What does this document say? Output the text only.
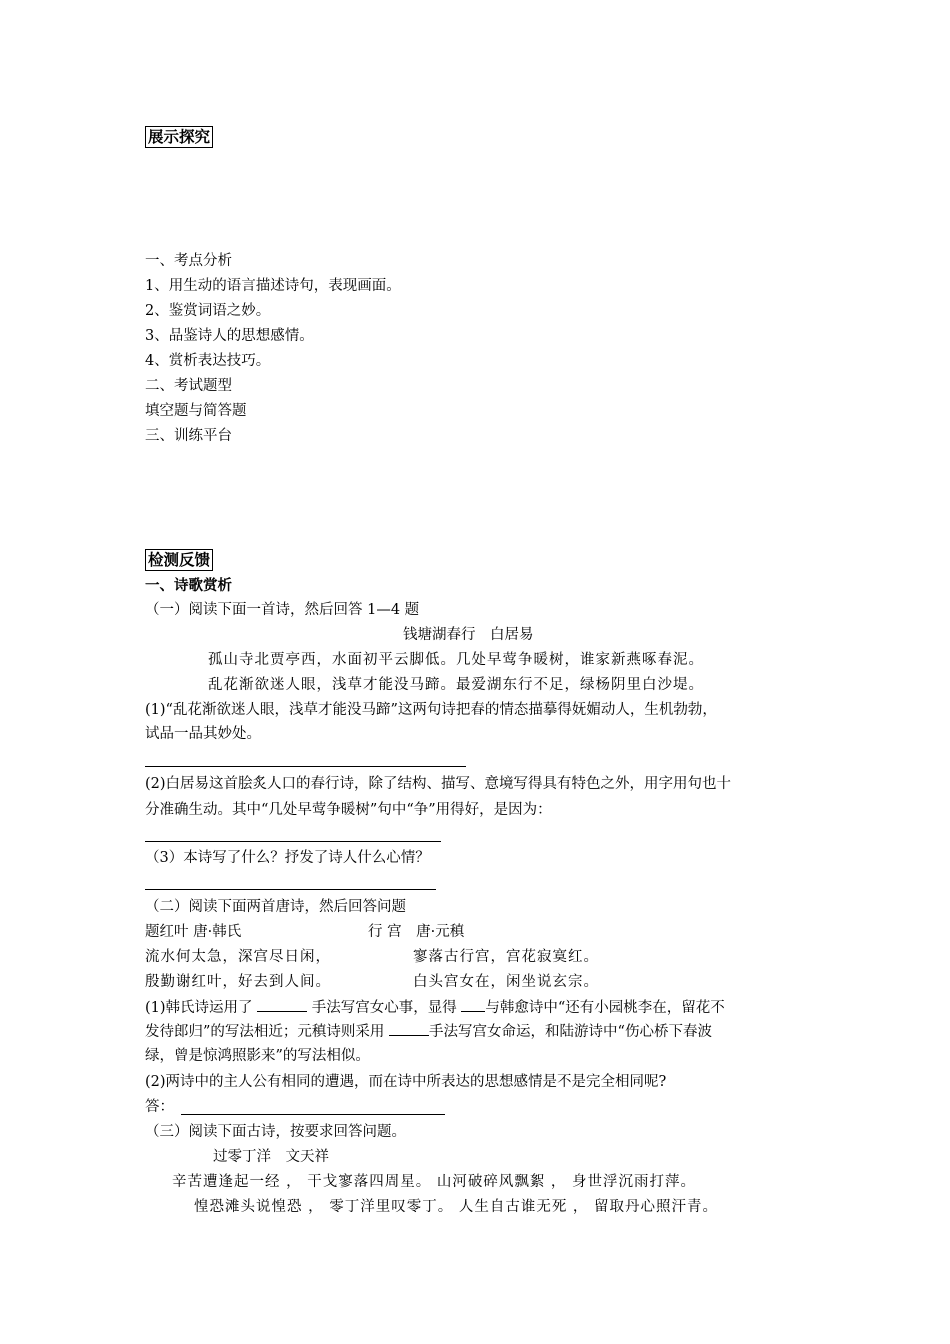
展示探究
一、考点分析
1、用生动的语言描述诗句，表现画面。
2、鉴赏词语之妙。
3、品鉴诗人的思想感情。
4、赏析表达技巧。
二、考试题型
填空题与简答题
三、训练平台
检测反馈
一、诗歌赏析
（一）阅读下面一首诗，然后回答 1—4 题
钱塘湖春行　白居易
孤山寺北贾亭西，水面初平云脚低。几处早莺争暖树，谁家新燕啄春泥。
乱花渐欲迷人眼，浅草才能没马蹄。最爱湖东行不足，绿杨阴里白沙堤。
(1)“乱花渐欲迷人眼，浅草才能没马蹄”这两句诗把春的情态描摹得妩媚动人，生机勃勃，
试品一品其妙处。
(2)白居易这首脍炙人口的春行诗，除了结构、描写、意境写得具有特色之外，用字用句也十
分准确生动。其中“几处早莺争暖树”句中“争”用得好，是因为：
（3）本诗写了什么？抒发了诗人什么心情？
（二）阅读下面两首唐诗，然后回答问题
题红叶 唐·韩氏	行 宫　唐·元稹
流水何太急，深宫尽日闲，	寥落古行宫，宫花寂寞红。
殷勤谢红叶，好去到人间。	白头宫女在，闲坐说玄宗。
(1)韩氏诗运用了	手法写宫女心事，显得 与韩愈诗中“还有小园桃李在，留花不
发待郎归”的写法相近；元稹诗则采用	手法写宫女命运，和陆游诗中“伤心桥下春波
绿，曾是惊鸿照影来”的写法相似。
(2)两诗中的主人公有相同的遭遇，而在诗中所表达的思想感情是不是完全相同呢?
答：
（三）阅读下面古诗，按要求回答问题。
过零丁洋　文天祥
辛苦遭逢起一经 ， 干戈寥落四周星。 山河破碎风飘絮 ， 身世浮沉雨打萍。
惶恐滩头说惶恐 ， 零丁洋里叹零丁。 人生自古谁无死 ， 留取丹心照汗青。
